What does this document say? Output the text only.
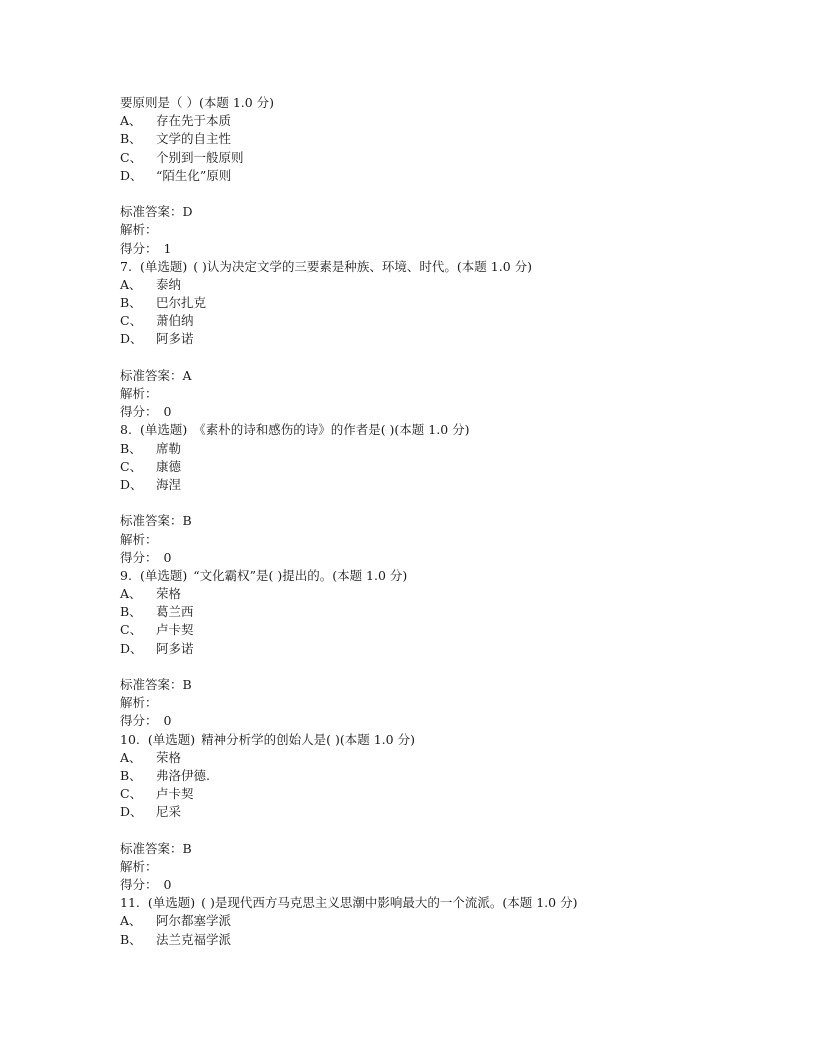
要原则是（ ）(本题 1.0 分)
A、 存在先于本质
B、 文学的自主性
C、 个别到一般原则
D、 “陌生化”原则
标准答案：D
解析：
得分： 1
7. (单选题) ( )认为决定文学的三要素是种族、环境、时代。(本题 1.0 分)
A、 泰纳
B、 巴尔扎克
C、 萧伯纳
D、 阿多诺
标准答案：A
解析：
得分： 0
8. (单选题) 《素朴的诗和感伤的诗》的作者是( )(本题 1.0 分)
B、 席勒
C、 康德
D、 海涅
标准答案：B
解析：
得分： 0
9. (单选题) “文化霸权”是( )提出的。(本题 1.0 分)
A、 荣格
B、 葛兰西
C、 卢卡契
D、 阿多诺
标准答案：B
解析：
得分： 0
10. (单选题) 精神分析学的创始人是( )(本题 1.0 分)
A、 荣格
B、 弗洛伊德.
C、 卢卡契
D、 尼采
标准答案：B
解析：
得分： 0
11. (单选题) ( )是现代西方马克思主义思潮中影响最大的一个流派。(本题 1.0 分)
A、 阿尔都塞学派
B、 法兰克福学派
